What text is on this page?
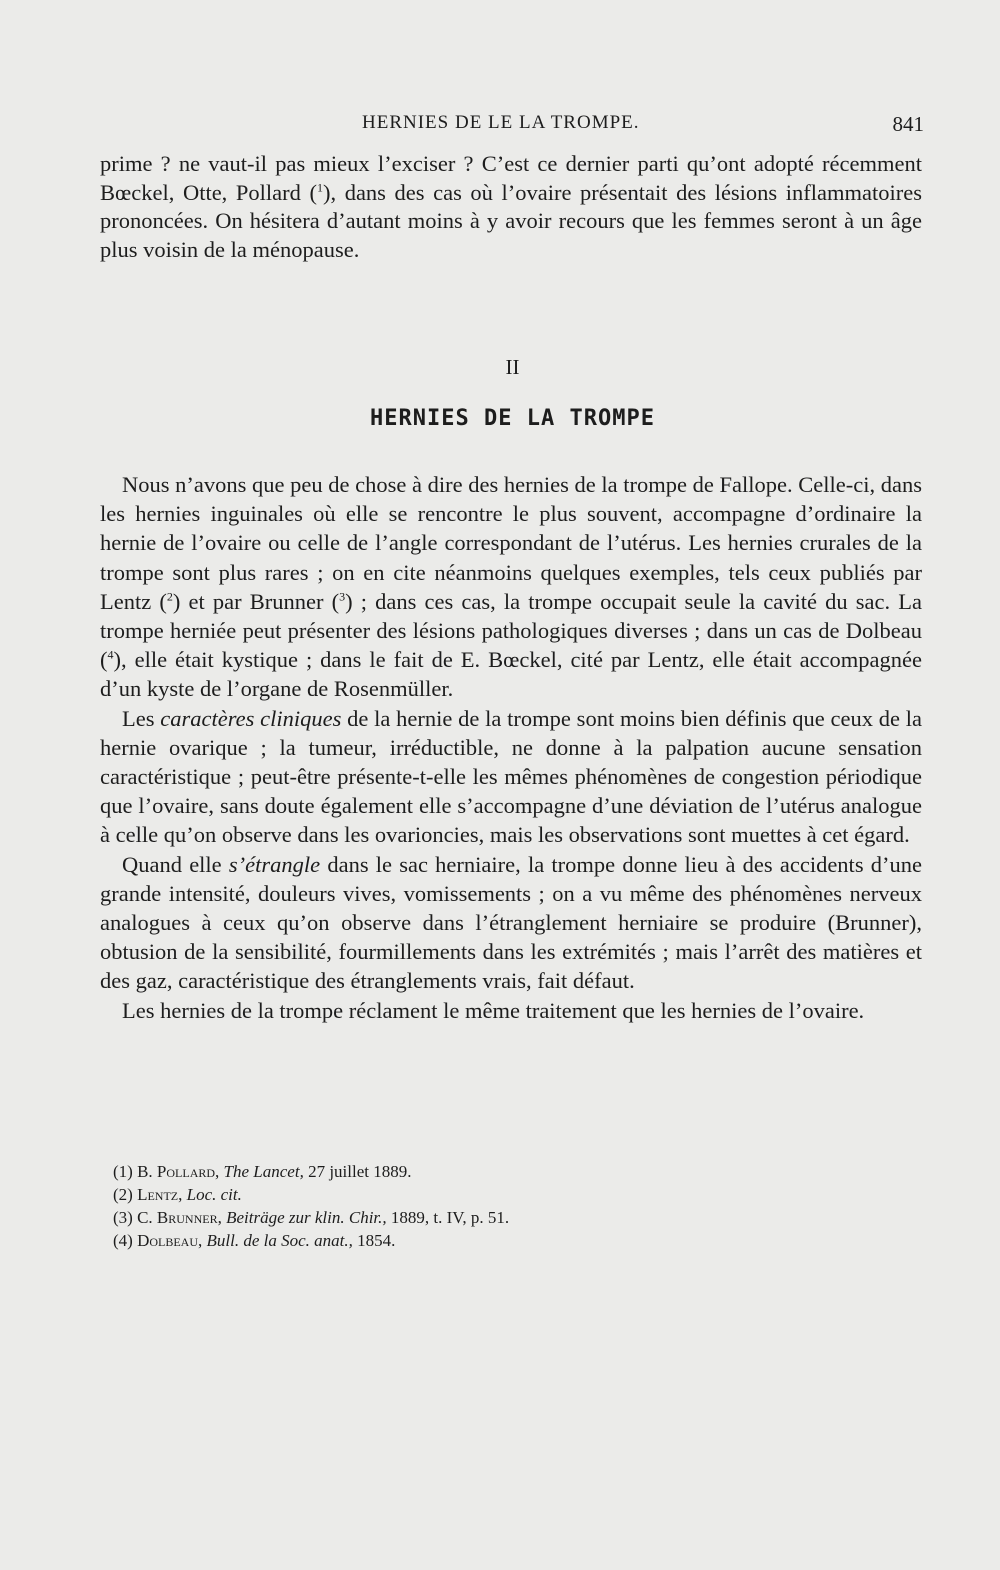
HERNIES DE LE LA TROMPE.	841

prime ? ne vaut-il pas mieux l’exciser ? C’est ce dernier parti qu’ont adopté récemment Bœckel, Otte, Pollard ($^1$), dans des cas où l’ovaire présentait des lésions inflammatoires prononcées. On hésitera d’autant moins à y avoir recours que les femmes seront à un âge plus voisin de la ménopause.

II
HERNIES DE LA TROMPE

Nous n’avons que peu de chose à dire des hernies de la trompe de Fallope. Celle-ci, dans les hernies inguinales où elle se rencontre le plus souvent, accompagne d’ordinaire la hernie de l’ovaire ou celle de l’angle correspondant de l’utérus. Les hernies crurales de la trompe sont plus rares ; on en cite néanmoins quelques exemples, tels ceux publiés par Lentz ($^2$) et par Brunner ($^3$) ; dans ces cas, la trompe occupait seule la cavité du sac. La trompe herniée peut présenter des lésions pathologiques diverses ; dans un cas de Dolbeau ($^4$), elle était kystique ; dans le fait de E. Bœckel, cité par Lentz, elle était accompagnée d’un kyste de l’organe de Rosenmüller.

Les caractères cliniques de la hernie de la trompe sont moins bien définis que ceux de la hernie ovarique ; la tumeur, irréductible, ne donne à la palpation aucune sensation caractéristique ; peut-être présente-t-elle les mêmes phénomènes de congestion périodique que l’ovaire, sans doute également elle s’accompagne d’une déviation de l’utérus analogue à celle qu’on observe dans les ovarioncies, mais les observations sont muettes à cet égard.

Quand elle s’étrangle dans le sac herniaire, la trompe donne lieu à des accidents d’une grande intensité, douleurs vives, vomissements ; on a vu même des phénomènes nerveux analogues à ceux qu’on observe dans l’étranglement herniaire se produire (Brunner), obtusion de la sensibilité, fourmillements dans les extrémités ; mais l’arrêt des matières et des gaz, caractéristique des étranglements vrais, fait défaut.

Les hernies de la trompe réclament le même traitement que les hernies de l’ovaire.

(1) B. Pollard, The Lancet, 27 juillet 1889.
(2) Lentz, Loc. cit.
(3) C. Brunner, Beiträge zur klin. Chir., 1889, t. IV, p. 51.
(4) Dolbeau, Bull. de la Soc. anat., 1854.
